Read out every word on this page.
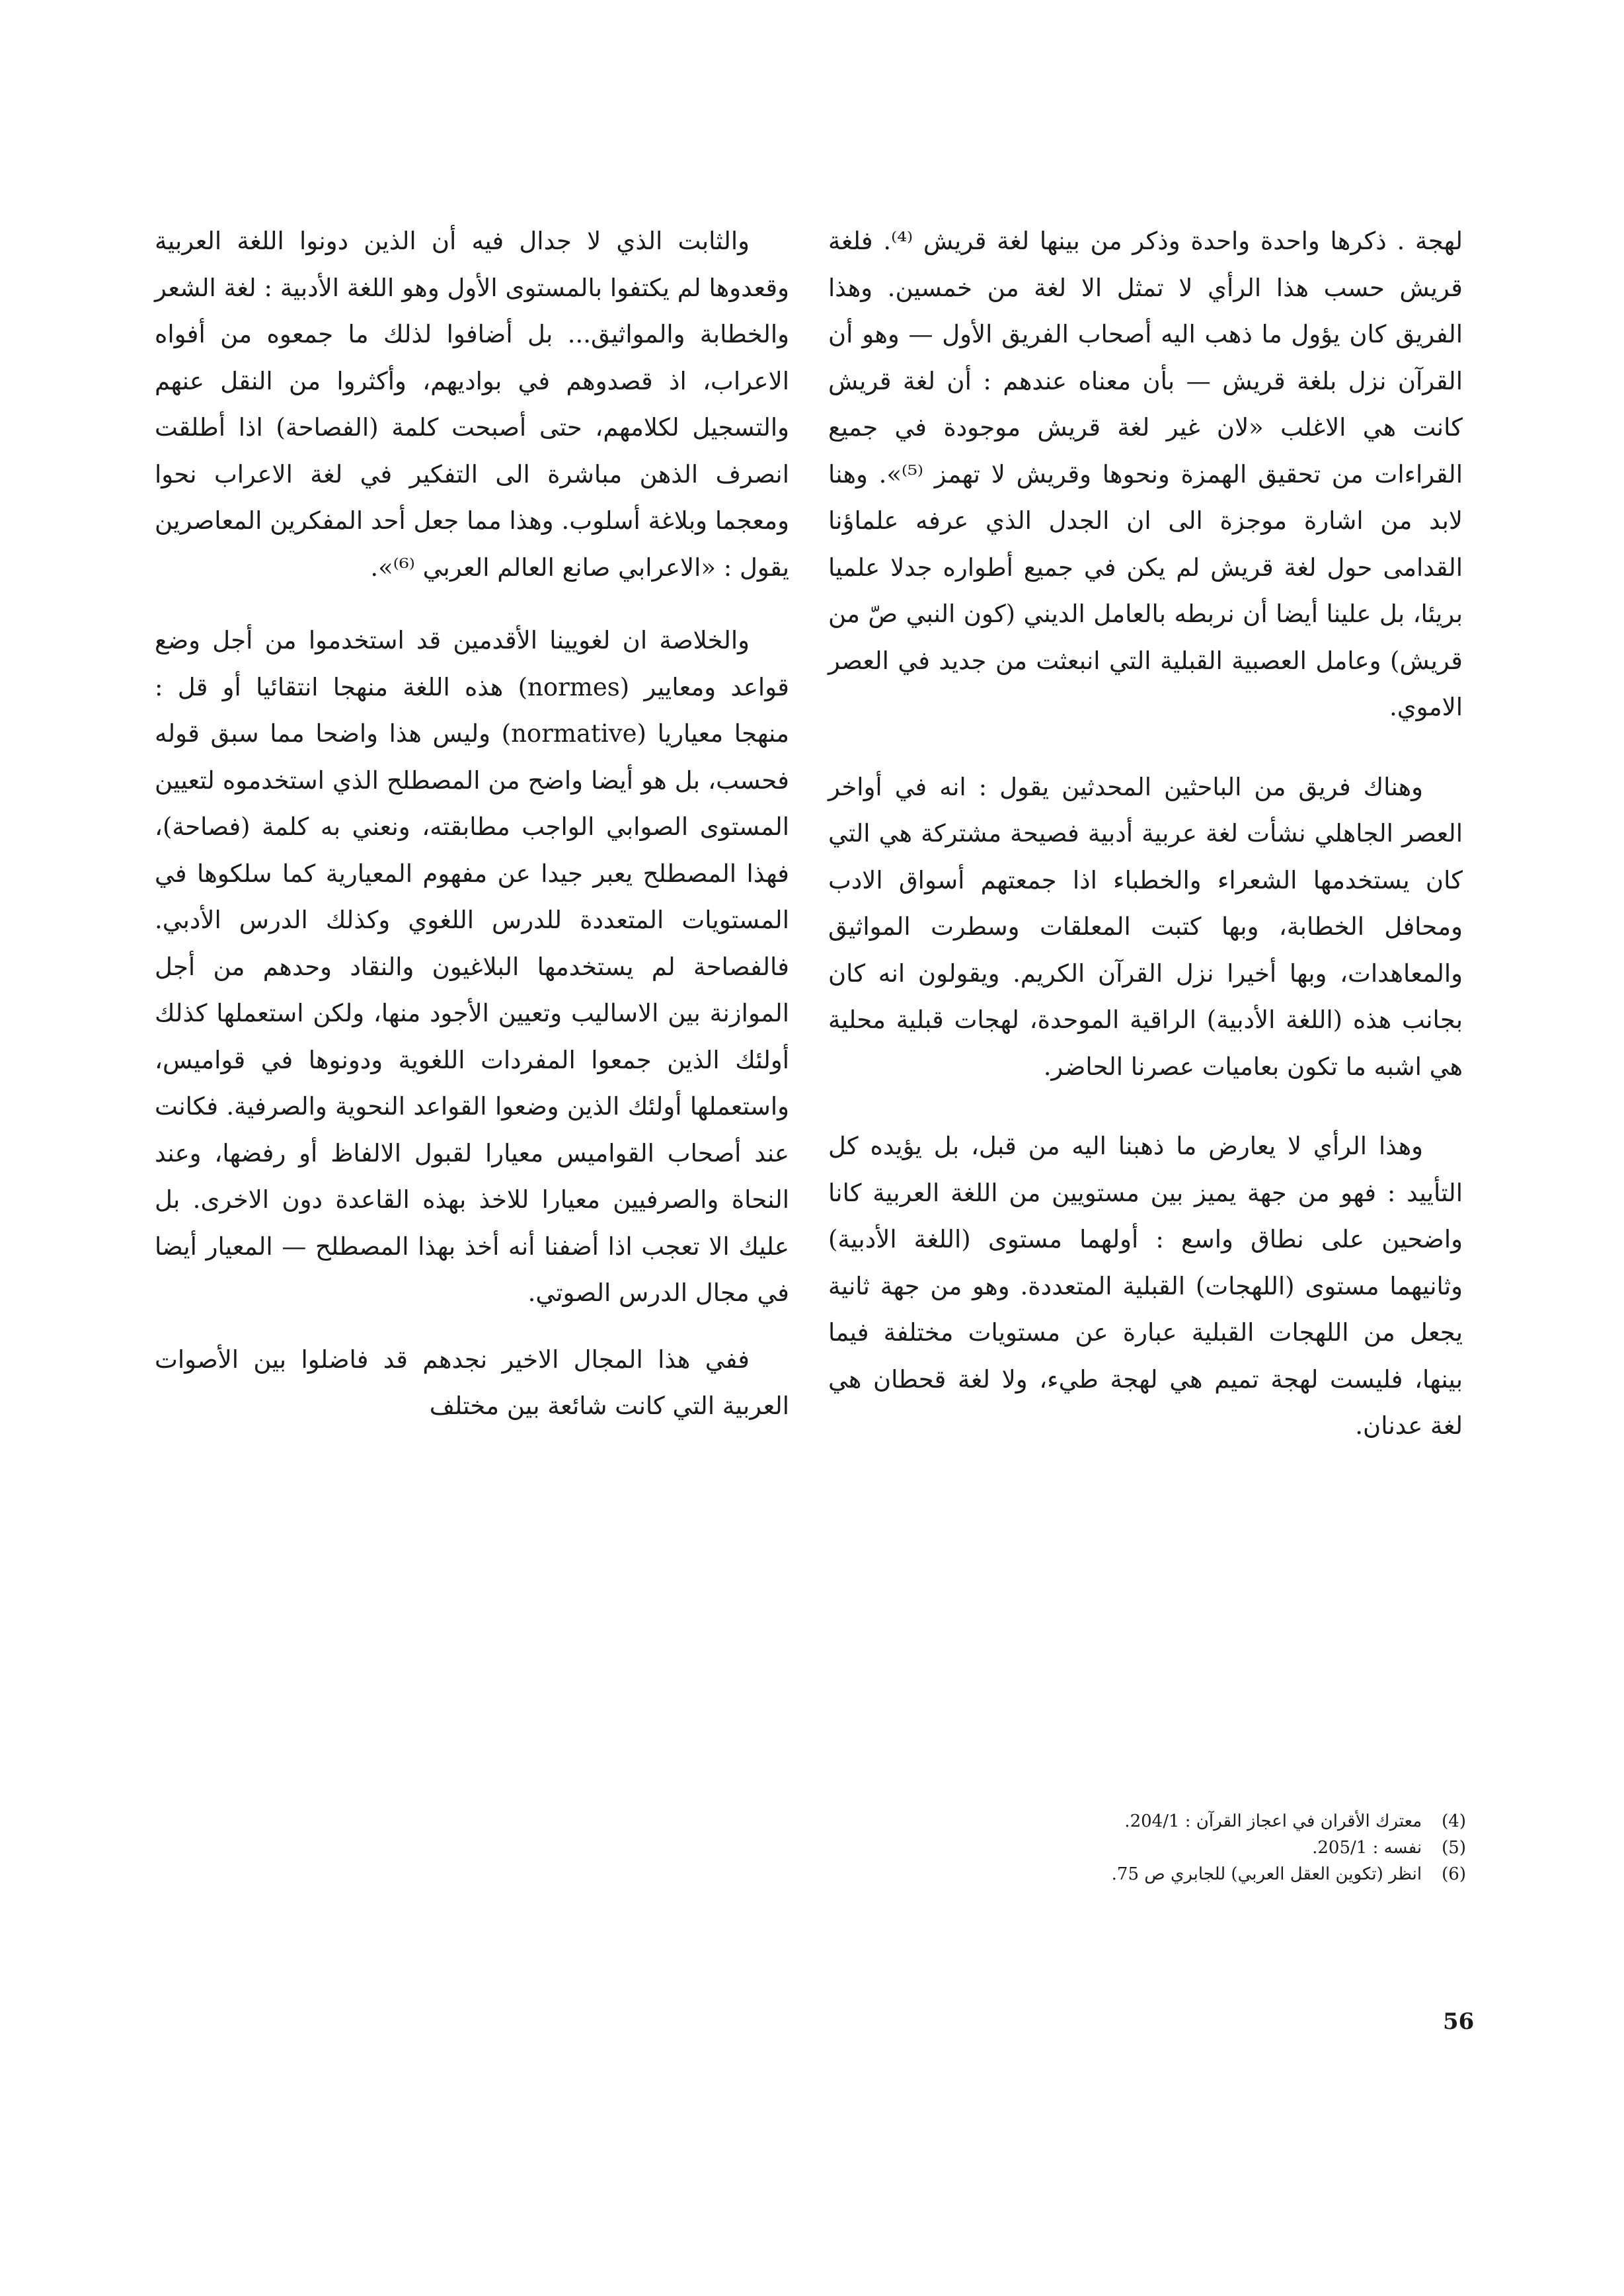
لهجة . ذكرها واحدة واحدة وذكر من بينها لغة قريش ⁽⁴⁾. فلغة قريش حسب هذا الرأي لا تمثل الا لغة من خمسين. وهذا الفريق كان يؤول ما ذهب اليه أصحاب الفريق الأول — وهو أن القرآن نزل بلغة قريش — بأن معناه عندهم : أن لغة قريش كانت هي الاغلب «لان غير لغة قريش موجودة في جميع القراءات من تحقيق الهمزة ونحوها وقريش لا تهمز ⁽⁵⁾». وهنا لابد من اشارة موجزة الى ان الجدل الذي عرفه علماؤنا القدامى حول لغة قريش لم يكن في جميع أطواره جدلا علميا بريئا، بل علينا أيضا أن نربطه بالعامل الديني (كون النبي صّ من قريش) وعامل العصبية القبلية التي انبعثت من جديد في العصر الاموي.

وهناك فريق من الباحثين المحدثين يقول : انه في أواخر العصر الجاهلي نشأت لغة عربية أدبية فصيحة مشتركة هي التي كان يستخدمها الشعراء والخطباء اذا جمعتهم أسواق الادب ومحافل الخطابة، وبها كتبت المعلقات وسطرت المواثيق والمعاهدات، وبها أخيرا نزل القرآن الكريم. ويقولون انه كان بجانب هذه (اللغة الأدبية) الراقية الموحدة، لهجات قبلية محلية هي اشبه ما تكون بعاميات عصرنا الحاضر.

وهذا الرأي لا يعارض ما ذهبنا اليه من قبل، بل يؤيده كل التأييد : فهو من جهة يميز بين مستويين من اللغة العربية كانا واضحين على نطاق واسع : أولهما مستوى (اللغة الأدبية) وثانيهما مستوى (اللهجات) القبلية المتعددة. وهو من جهة ثانية يجعل من اللهجات القبلية عبارة عن مستويات مختلفة فيما بينها، فليست لهجة تميم هي لهجة طيء، ولا لغة قحطان هي لغة عدنان.

والثابت الذي لا جدال فيه أن الذين دونوا اللغة العربية وقعدوها لم يكتفوا بالمستوى الأول وهو اللغة الأدبية : لغة الشعر والخطابة والمواثيق... بل أضافوا لذلك ما جمعوه من أفواه الاعراب، اذ قصدوهم في بواديهم، وأكثروا من النقل عنهم والتسجيل لكلامهم، حتى أصبحت كلمة (الفصاحة) اذا أطلقت انصرف الذهن مباشرة الى التفكير في لغة الاعراب نحوا ومعجما وبلاغة أسلوب. وهذا مما جعل أحد المفكرين المعاصرين يقول : «الاعرابي صانع العالم العربي ⁽⁶⁾».

والخلاصة ان لغويينا الأقدمين قد استخدموا من أجل وضع قواعد ومعايير (normes) هذه اللغة منهجا انتقائيا أو قل : منهجا معياريا (normative) وليس هذا واضحا مما سبق قوله فحسب، بل هو أيضا واضح من المصطلح الذي استخدموه لتعيين المستوى الصوابي الواجب مطابقته، ونعني به كلمة (فصاحة)، فهذا المصطلح يعبر جيدا عن مفهوم المعيارية كما سلكوها في المستويات المتعددة للدرس اللغوي وكذلك الدرس الأدبي. فالفصاحة لم يستخدمها البلاغيون والنقاد وحدهم من أجل الموازنة بين الاساليب وتعيين الأجود منها، ولكن استعملها كذلك أولئك الذين جمعوا المفردات اللغوية ودونوها في قواميس، واستعملها أولئك الذين وضعوا القواعد النحوية والصرفية. فكانت عند أصحاب القواميس معيارا لقبول الالفاظ أو رفضها، وعند النحاة والصرفيين معيارا للاخذ بهذه القاعدة دون الاخرى. بل عليك الا تعجب اذا أضفنا أنه أخذ بهذا المصطلح — المعيار أيضا في مجال الدرس الصوتي.

ففي هذا المجال الاخير نجدهم قد فاضلوا بين الأصوات العربية التي كانت شائعة بين مختلف

(4)معترك الأقران في اعجاز القرآن : 204/1.
(5)نفسه : 205/1.
(6)انظر (تكوين العقل العربي) للجابري ص 75.
56
